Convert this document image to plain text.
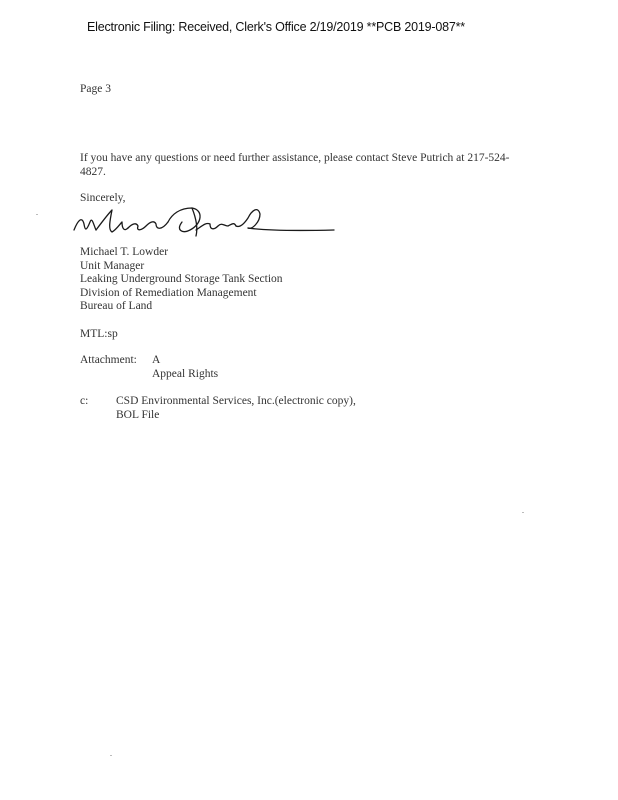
Electronic Filing: Received, Clerk's Office 2/19/2019 **PCB 2019-087**
Page 3
If you have any questions or need further assistance, please contact Steve Putrich at 217-524-
4827.
Sincerely,
Michael T. Lowder
Unit Manager
Leaking Underground Storage Tank Section
Division of Remediation Management
Bureau of Land
MTL:sp
Attachment: A
Appeal Rights
c: CSD Environmental Services, Inc.(electronic copy),
BOL File
